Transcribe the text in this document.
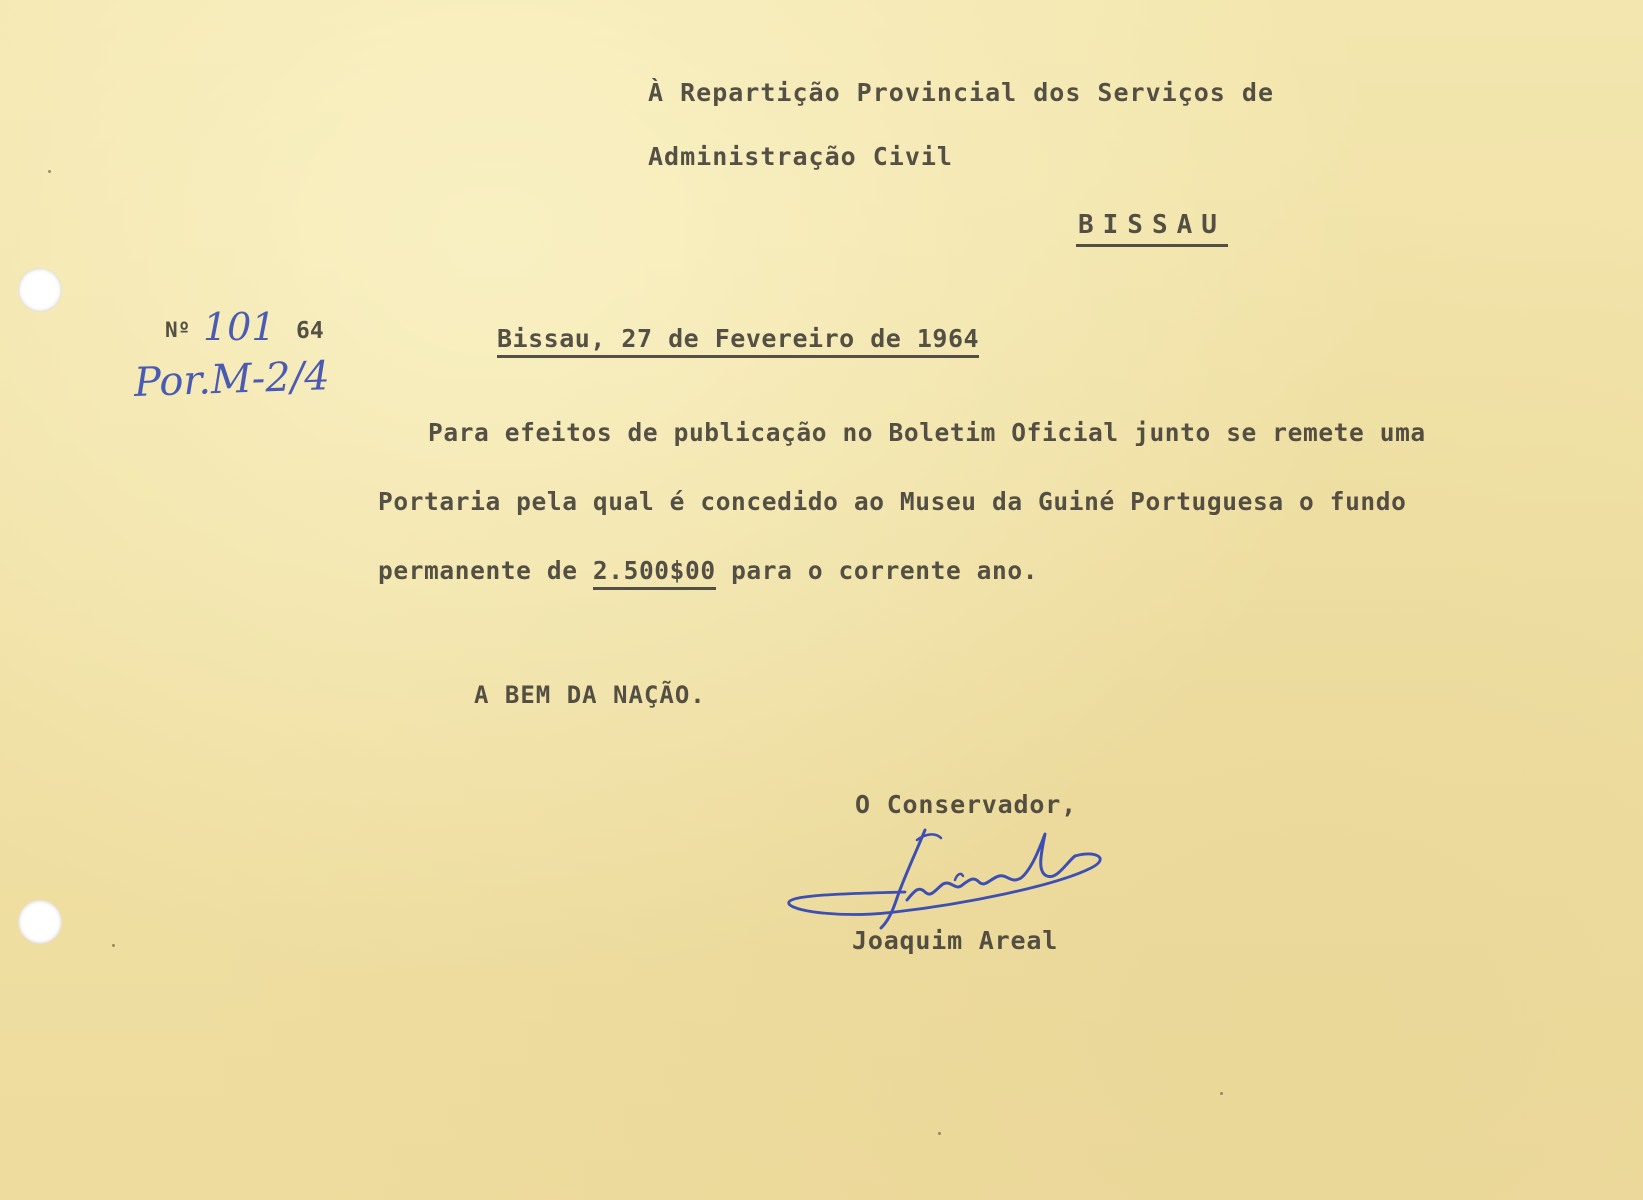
À Repartição Provincial dos Serviços de
Administração Civil
BISSAU
Nº 101 64
Por.M-2/4
Bissau, 27 de Fevereiro de 1964
Para efeitos de publicação no Boletim Oficial junto se remete uma
Portaria pela qual é concedido ao Museu da Guiné Portuguesa o fundo
permanente de 2.500$00 para o corrente ano.
A BEM DA NAÇÃO.
O Conservador,
Joaquim Areal
